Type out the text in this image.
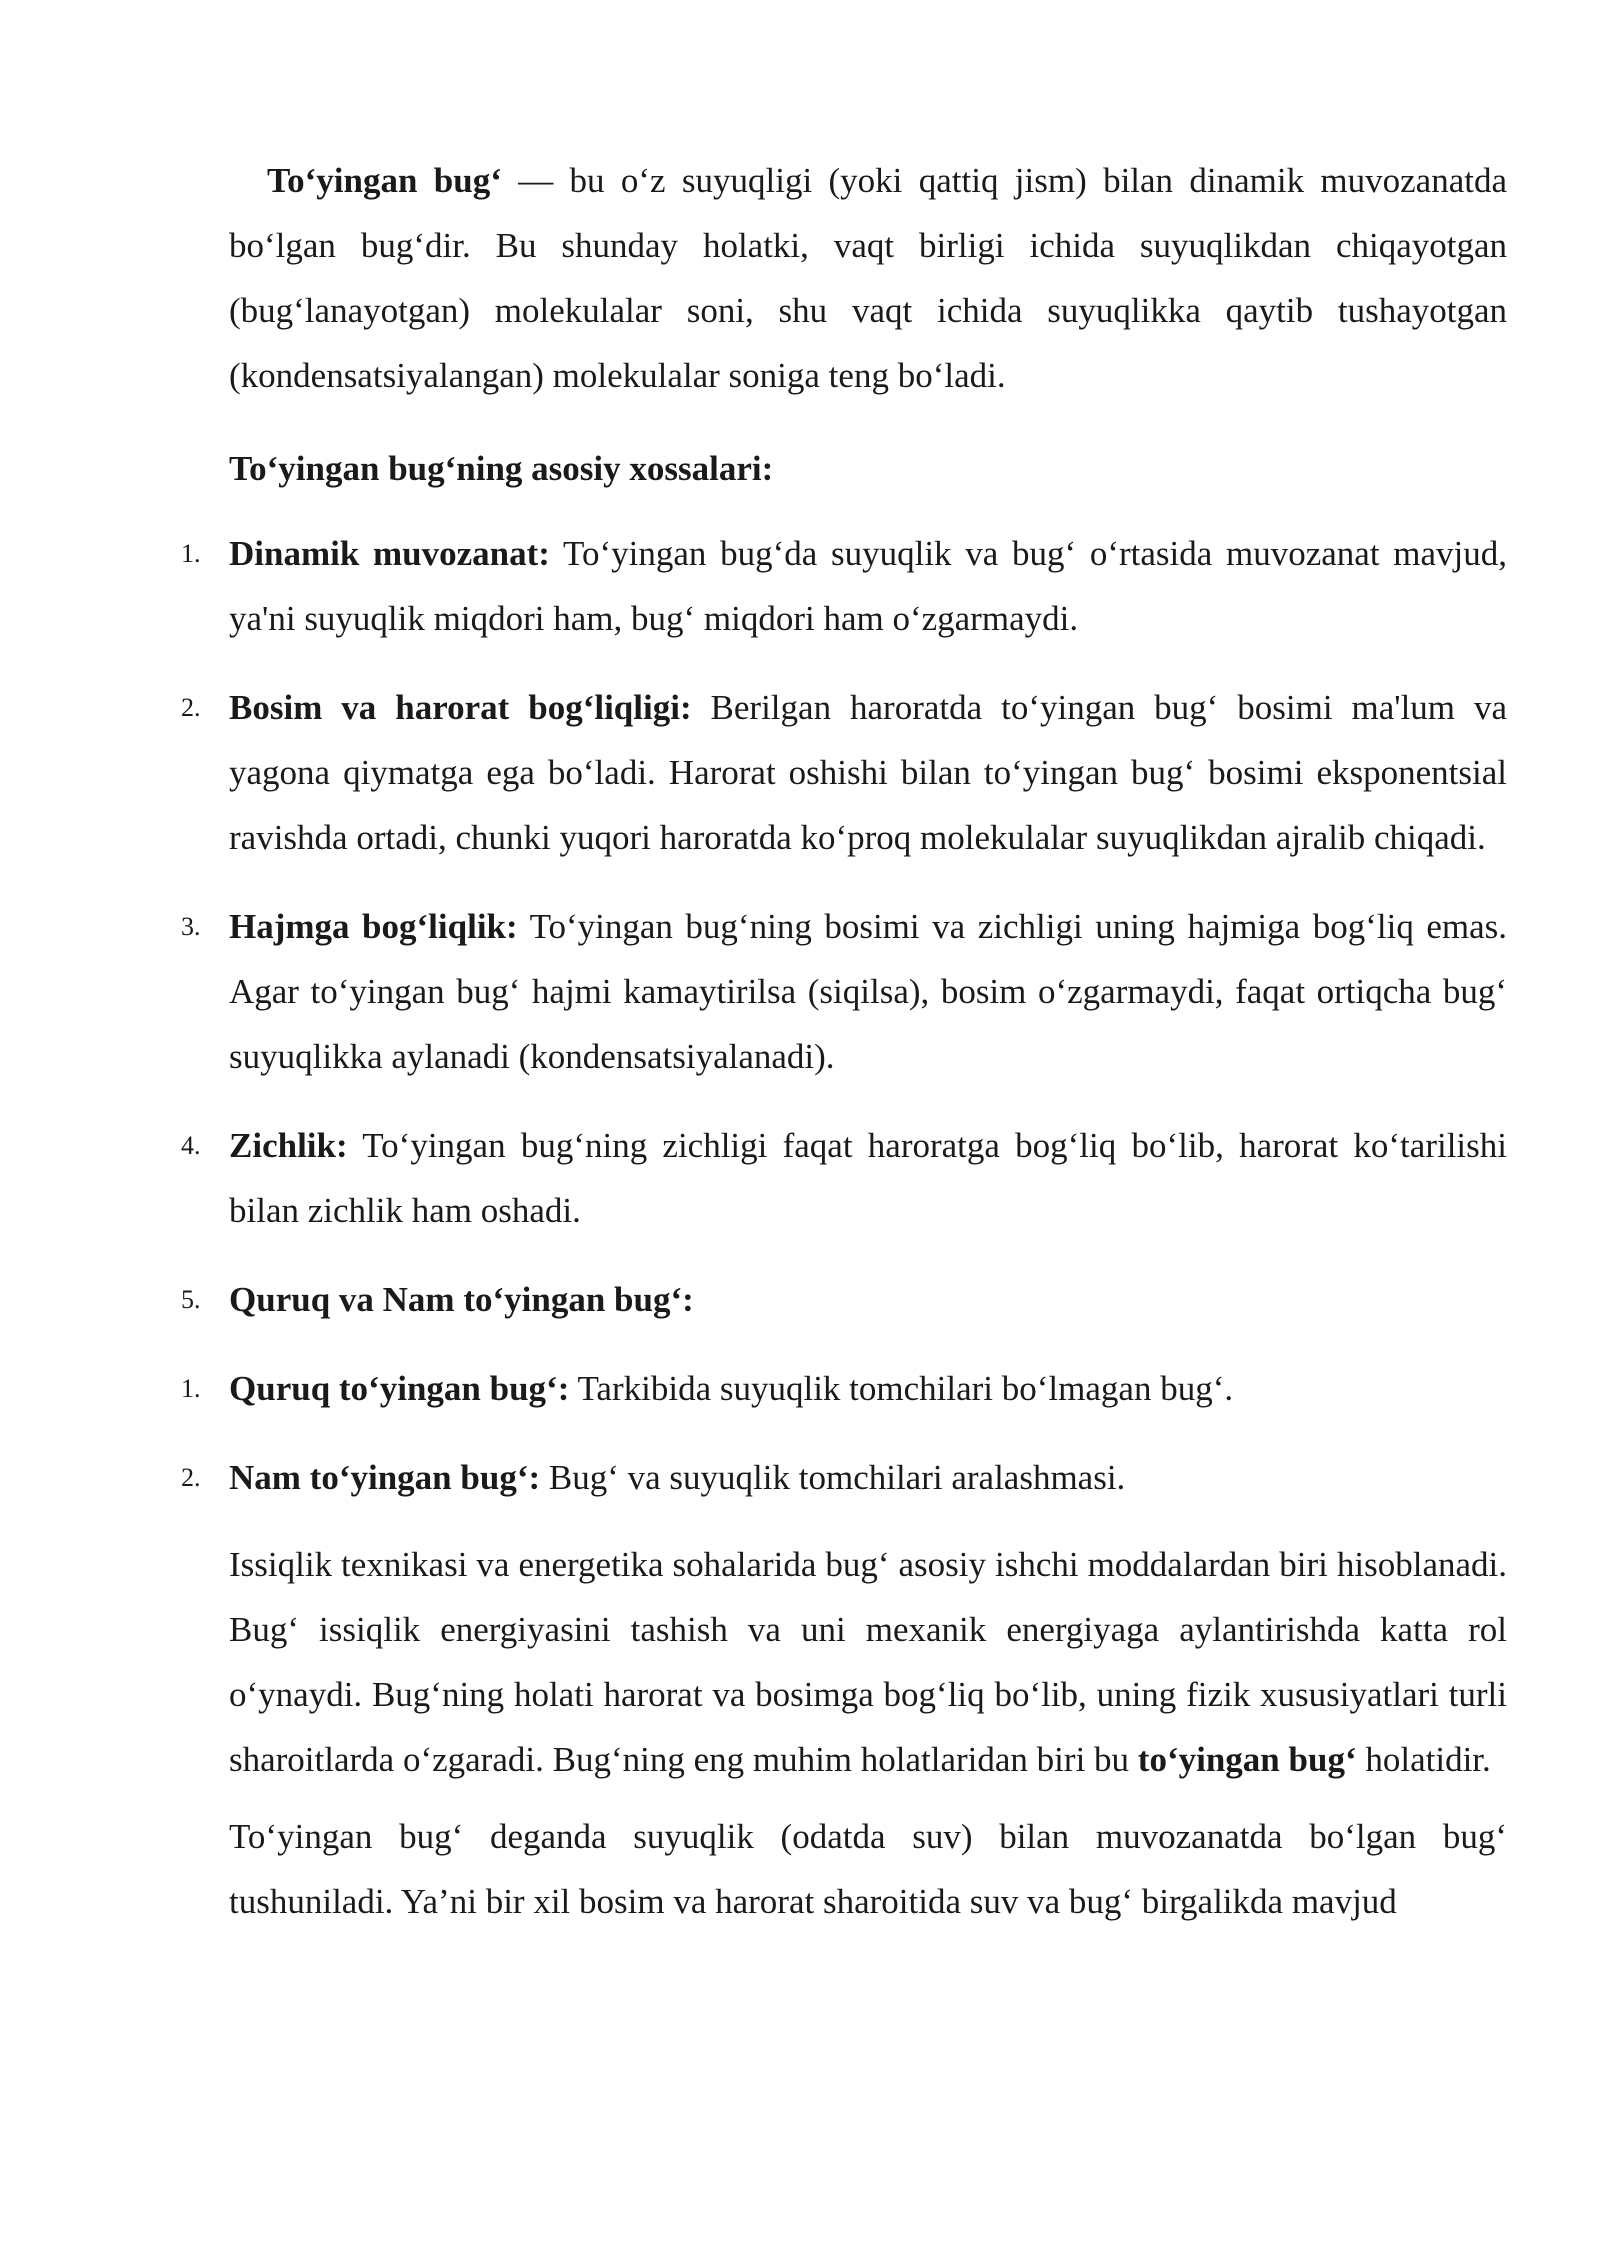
To‘yingan bug‘ — bu o‘z suyuqligi (yoki qattiq jism) bilan dinamik muvozanatda bo‘lgan bug‘dir. Bu shunday holatki, vaqt birligi ichida suyuqlikdan chiqayotgan (bug‘lanayotgan) molekulalar soni, shu vaqt ichida suyuqlikka qaytib tushayotgan (kondensatsiyalangan) molekulalar soniga teng bo‘ladi.

To‘yingan bug‘ning asosiy xossalari:

1. Dinamik muvozanat: To‘yingan bug‘da suyuqlik va bug‘ o‘rtasida muvozanat mavjud, ya'ni suyuqlik miqdori ham, bug‘ miqdori ham o‘zgarmaydi.

2. Bosim va harorat bog‘liqligi: Berilgan haroratda to‘yingan bug‘ bosimi ma'lum va yagona qiymatga ega bo‘ladi. Harorat oshishi bilan to‘yingan bug‘ bosimi eksponentsial ravishda ortadi, chunki yuqori haroratda ko‘proq molekulalar suyuqlikdan ajralib chiqadi.

3. Hajmga bog‘liqlik: To‘yingan bug‘ning bosimi va zichligi uning hajmiga bog‘liq emas. Agar to‘yingan bug‘ hajmi kamaytirilsa (siqilsa), bosim o‘zgarmaydi, faqat ortiqcha bug‘ suyuqlikka aylanadi (kondensatsiyalanadi).

4. Zichlik: To‘yingan bug‘ning zichligi faqat haroratga bog‘liq bo‘lib, harorat ko‘tarilishi bilan zichlik ham oshadi.

5. Quruq va Nam to‘yingan bug‘:

1. Quruq to‘yingan bug‘: Tarkibida suyuqlik tomchilari bo‘lmagan bug‘.

2. Nam to‘yingan bug‘: Bug‘ va suyuqlik tomchilari aralashmasi.

Issiqlik texnikasi va energetika sohalarida bug‘ asosiy ishchi moddalardan biri hisoblanadi. Bug‘ issiqlik energiyasini tashish va uni mexanik energiyaga aylantirishda katta rol o‘ynaydi. Bug‘ning holati harorat va bosimga bog‘liq bo‘lib, uning fizik xususiyatlari turli sharoitlarda o‘zgaradi. Bug‘ning eng muhim holatlaridan biri bu to‘yingan bug‘ holatidir.

To‘yingan bug‘ deganda suyuqlik (odatda suv) bilan muvozanatda bo‘lgan bug‘ tushuniladi. Ya’ni bir xil bosim va harorat sharoitida suv va bug‘ birgalikda mavjud
